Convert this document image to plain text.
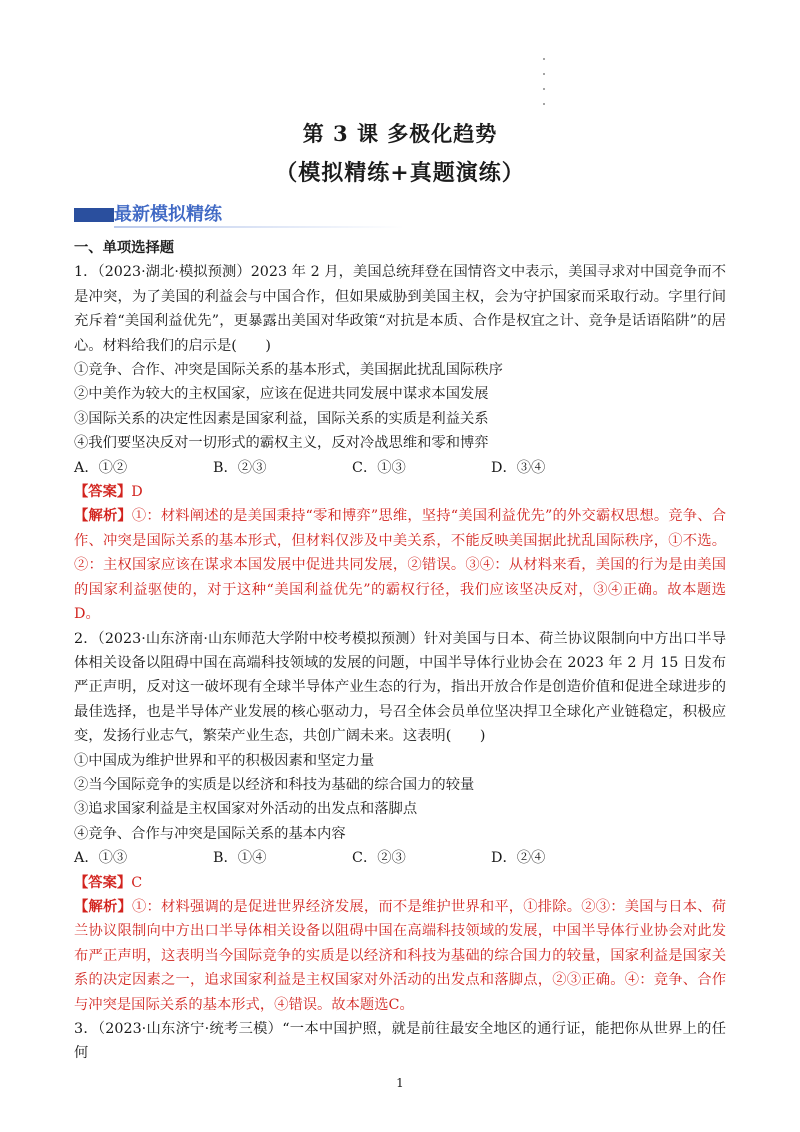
第 3 课 多极化趋势
（模拟精练+真题演练）
最新模拟精练

一、单项选择题

1．（2023·湖北·模拟预测）2023 年 2 月，美国总统拜登在国情咨文中表示，美国寻求对中国竞争而不是冲突，为了美国的利益会与中国合作，但如果威胁到美国主权，会为守护国家而采取行动。字里行间充斥着“美国利益优先”，更暴露出美国对华政策“对抗是本质、合作是权宜之计、竞争是话语陷阱”的居心。材料给我们的启示是(　　)

①竞争、合作、冲突是国际关系的基本形式，美国据此扰乱国际秩序

②中美作为较大的主权国家，应该在促进共同发展中谋求本国发展

③国际关系的决定性因素是国家利益，国际关系的实质是利益关系

④我们要坚决反对一切形式的霸权主义，反对冷战思维和零和博弈

A．①②	B．②③	C．①③	D．③④

【答案】D

【解析】①：材料阐述的是美国秉持“零和博弈”思维，坚持“美国利益优先”的外交霸权思想。竞争、合作、冲突是国际关系的基本形式，但材料仅涉及中美关系，不能反映美国据此扰乱国际秩序，①不选。②：主权国家应该在谋求本国发展中促进共同发展，②错误。③④：从材料来看，美国的行为是由美国的国家利益驱使的，对于这种“美国利益优先”的霸权行径，我们应该坚决反对，③④正确。故本题选D。

2．（2023·山东济南·山东师范大学附中校考模拟预测）针对美国与日本、荷兰协议限制向中方出口半导体相关设备以阻碍中国在高端科技领域的发展的问题，中国半导体行业协会在 2023 年 2 月 15 日发布严正声明，反对这一破坏现有全球半导体产业生态的行为，指出开放合作是创造价值和促进全球进步的最佳选择，也是半导体产业发展的核心驱动力，号召全体会员单位坚决捍卫全球化产业链稳定，积极应变，发扬行业志气，繁荣产业生态，共创广阔未来。这表明(　　)

①中国成为维护世界和平的积极因素和坚定力量

②当今国际竞争的实质是以经济和科技为基础的综合国力的较量

③追求国家利益是主权国家对外活动的出发点和落脚点

④竞争、合作与冲突是国际关系的基本内容

A．①③	B．①④	C．②③	D．②④

【答案】C

【解析】①：材料强调的是促进世界经济发展，而不是维护世界和平，①排除。②③：美国与日本、荷兰协议限制向中方出口半导体相关设备以阻碍中国在高端科技领域的发展，中国半导体行业协会对此发布严正声明，这表明当今国际竞争的实质是以经济和科技为基础的综合国力的较量，国家利益是国家关系的决定因素之一，追求国家利益是主权国家对外活动的出发点和落脚点，②③正确。④：竞争、合作与冲突是国际关系的基本形式，④错误。故本题选C。

3．（2023·山东济宁·统考三模）“一本中国护照，就是前往最安全地区的通行证，能把你从世界上的任何

1
